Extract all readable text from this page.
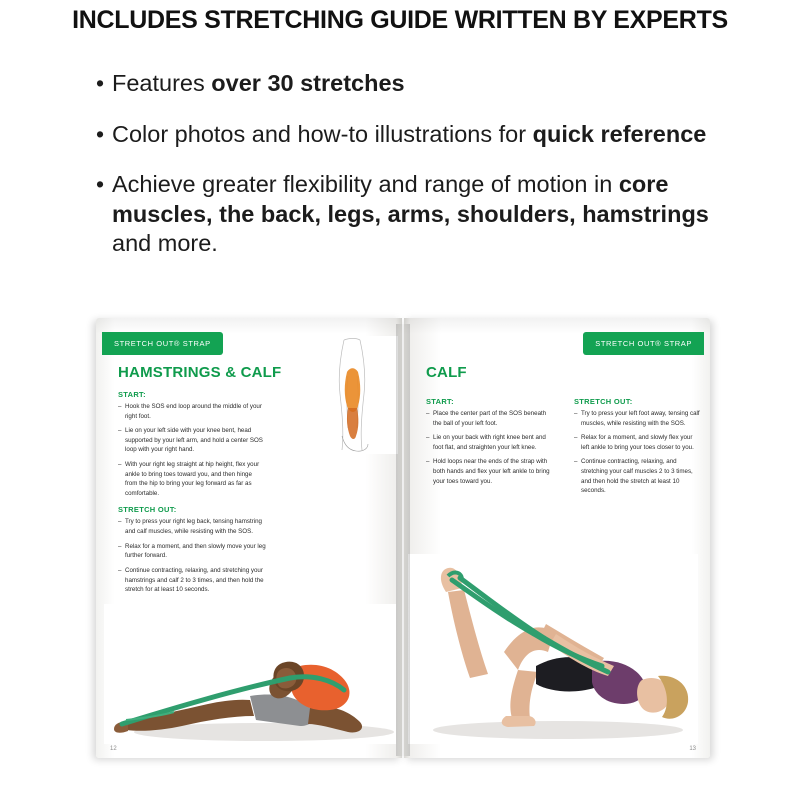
INCLUDES STRETCHING GUIDE WRITTEN BY EXPERTS
• Features over 30 stretches
• Color photos and how-to illustrations for quick reference
• Achieve greater flexibility and range of motion in core muscles, the back, legs, arms, shoulders, hamstrings and more.
STRETCH OUT® STRAP
HAMSTRINGS & CALF
START:
– Hook the SOS end loop around the middle of your right foot.
– Lie on your left side with your knee bent, head supported by your left arm, and hold a center SOS loop with your right hand.
– With your right leg straight at hip height, flex your ankle to bring toes toward you, and then hinge from the hip to bring your leg forward as far as comfortable.
STRETCH OUT:
– Try to press your right leg back, tensing hamstring and calf muscles, while resisting with the SOS.
– Relax for a moment, and then slowly move your leg further forward.
– Continue contracting, relaxing, and stretching your hamstrings and calf 2 to 3 times, and then hold the stretch for at least 10 seconds.
12
STRETCH OUT® STRAP
CALF
START:
– Place the center part of the SOS beneath the ball of your left foot.
– Lie on your back with right knee bent and foot flat, and straighten your left knee.
– Hold loops near the ends of the strap with both hands and flex your left ankle to bring your toes toward you.
STRETCH OUT:
– Try to press your left foot away, tensing calf muscles, while resisting with the SOS.
– Relax for a moment, and slowly flex your left ankle to bring your toes closer to you.
– Continue contracting, relaxing, and stretching your calf muscles 2 to 3 times, and then hold the stretch at least 10 seconds.
13
